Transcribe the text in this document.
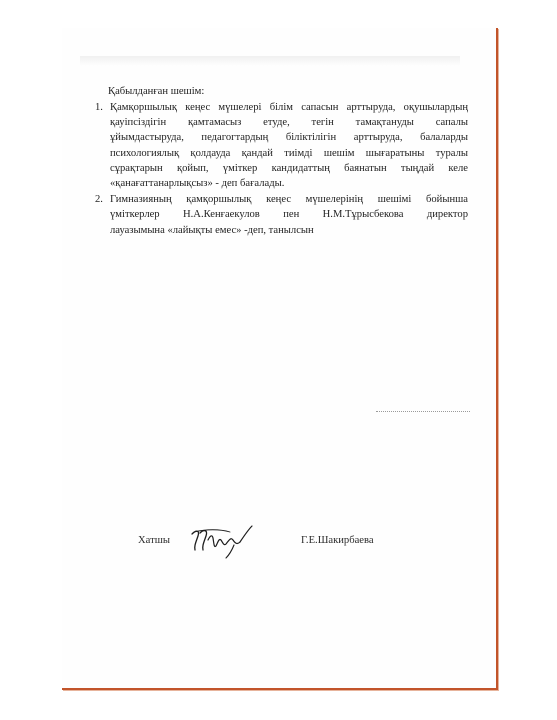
Қабылданған шешім:

1. Қамқоршылық кеңес мүшелері білім сапасын арттыруда, оқушылардың
қауіпсіздігін қамтамасыз етуде, тегін тамақтануды сапалы
ұйымдастыруда, педагогтардың біліктілігін арттыруда, балаларды
психологиялық қолдауда қандай тиімді шешім шығаратыны туралы
сұрақтарын қойып, үміткер кандидаттың баянатын тыңдай келе
«қанағаттанарлықсыз» - деп бағалады.
2. Гимназияның қамқоршылық кеңес мүшелерінің шешімі бойынша
үміткерлер Н.А.Кенғаекулов пен Н.М.Тұрысбекова директор
лауазымына «лайықты емес» -деп, танылсын
Хатшы	Г.Е.Шакирбаева
